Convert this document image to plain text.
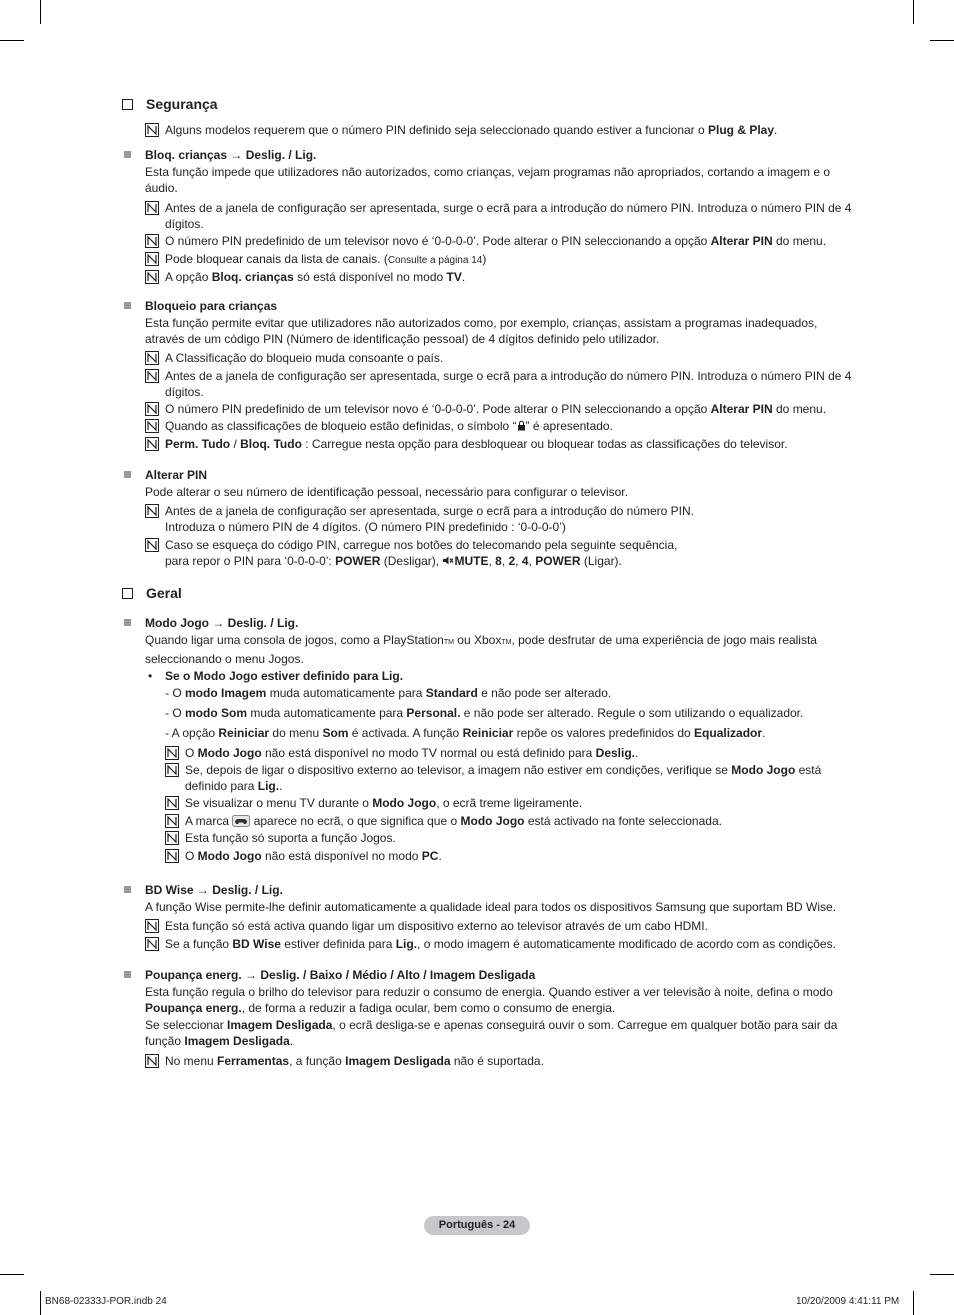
Segurança
Alguns modelos requerem que o número PIN definido seja seleccionado quando estiver a funcionar o Plug & Play.
Bloq. crianças → Deslig. / Lig.
Esta função impede que utilizadores não autorizados, como crianças, vejam programas não apropriados, cortando a imagem e o áudio.
Antes de a janela de configuração ser apresentada, surge o ecrã para a introdução do número PIN. Introduza o número PIN de 4 dígitos.
O número PIN predefinido de um televisor novo é ‘0-0-0-0’. Pode alterar o PIN seleccionando a opção Alterar PIN do menu.
Pode bloquear canais da lista de canais. (Consulte a página 14)
A opção Bloq. crianças só está disponível no modo TV.
Bloqueio para crianças
Esta função permite evitar que utilizadores não autorizados como, por exemplo, crianças, assistam a programas inadequados, através de um código PIN (Número de identificação pessoal) de 4 dígitos definido pelo utilizador.
A Classificação do bloqueio muda consoante o país.
Antes de a janela de configuração ser apresentada, surge o ecrã para a introdução do número PIN. Introduza o número PIN de 4 dígitos.
O número PIN predefinido de um televisor novo é ‘0-0-0-0’. Pode alterar o PIN seleccionando a opção Alterar PIN do menu.
Quando as classificações de bloqueio estão definidas, o símbolo “ ” é apresentado.
Perm. Tudo / Bloq. Tudo : Carregue nesta opção para desbloquear ou bloquear todas as classificações do televisor.
Alterar PIN
Pode alterar o seu número de identificação pessoal, necessário para configurar o televisor.
Antes de a janela de configuração ser apresentada, surge o ecrã para a introdução do número PIN.
Introduza o número PIN de 4 dígitos. (O número PIN predefinido : ‘0-0-0-0’)
Caso se esqueça do código PIN, carregue nos botões do telecomando pela seguinte sequência,
para repor o PIN para ‘0-0-0-0’: POWER (Desligar), MUTE, 8, 2, 4, POWER (Ligar).
Geral
Modo Jogo → Deslig. / Lig.
Quando ligar uma consola de jogos, como a PlayStationTM ou XboxTM, pode desfrutar de uma experiência de jogo mais realista seleccionando o menu Jogos.
• Se o Modo Jogo estiver definido para Lig.
- O modo Imagem muda automaticamente para Standard e não pode ser alterado.
- O modo Som muda automaticamente para Personal. e não pode ser alterado. Regule o som utilizando o equalizador.
- A opção Reiniciar do menu Som é activada. A função Reiniciar repõe os valores predefinidos do Equalizador.
O Modo Jogo não está disponível no modo TV normal ou está definido para Deslig..
Se, depois de ligar o dispositivo externo ao televisor, a imagem não estiver em condições, verifique se Modo Jogo está definido para Lig..
Se visualizar o menu TV durante o Modo Jogo, o ecrã treme ligeiramente.
A marca  aparece no ecrã, o que significa que o Modo Jogo está activado na fonte seleccionada.
Esta função só suporta a função Jogos.
O Modo Jogo não está disponível no modo PC.
BD Wise → Deslig. / Lig.
A função Wise permite-lhe definir automaticamente a qualidade ideal para todos os dispositivos Samsung que suportam BD Wise.
Esta função só está activa quando ligar um dispositivo externo ao televisor através de um cabo HDMI.
Se a função BD Wise estiver definida para Lig., o modo imagem é automaticamente modificado de acordo com as condições.
Poupança energ. → Deslig. / Baixo / Médio / Alto / Imagem Desligada
Esta função regula o brilho do televisor para reduzir o consumo de energia. Quando estiver a ver televisão à noite, defina o modo Poupança energ., de forma a reduzir a fadiga ocular, bem como o consumo de energia.
Se seleccionar Imagem Desligada, o ecrã desliga-se e apenas conseguirá ouvir o som. Carregue em qualquer botão para sair da função Imagem Desligada.
No menu Ferramentas, a função Imagem Desligada não é suportada.
Português - 24
BN68-02333J-POR.indb 24	10/20/2009 4:41:11 PM
